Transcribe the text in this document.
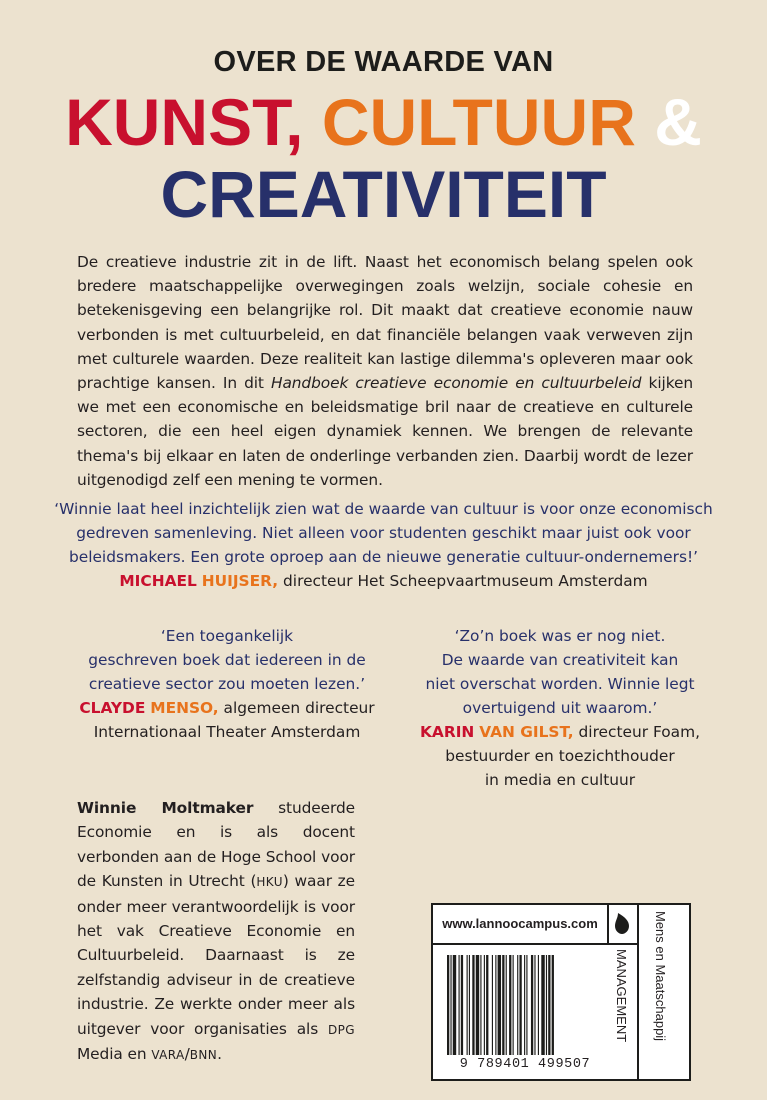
OVER DE WAARDE VAN
KUNST, CULTUUR &
CREATIVITEIT
De creatieve industrie zit in de lift. Naast het economisch belang spelen ook bredere maatschappelijke overwegingen zoals welzijn, sociale cohesie en betekenisgeving een belangrijke rol. Dit maakt dat creatieve economie nauw verbonden is met cultuurbeleid, en dat financiële belangen vaak verweven zijn met culturele waarden. Deze realiteit kan lastige dilemma's opleveren maar ook prachtige kansen. In dit Handboek creatieve economie en cultuurbeleid kijken we met een economische en beleidsmatige bril naar de creatieve en culturele sectoren, die een heel eigen dynamiek kennen. We brengen de relevante thema's bij elkaar en laten de onderlinge verbanden zien. Daarbij wordt de lezer uitgenodigd zelf een mening te vormen.
‘Winnie laat heel inzichtelijk zien wat de waarde van cultuur is voor onze economisch
gedreven samenleving. Niet alleen voor studenten geschikt maar juist ook voor
beleidsmakers. Een grote oproep aan de nieuwe generatie cultuur-ondernemers!’
MICHAEL HUIJSER, directeur Het Scheepvaartmuseum Amsterdam
‘Een toegankelijk
geschreven boek dat iedereen in de
creatieve sector zou moeten lezen.’
CLAYDE MENSO, algemeen directeur
Internationaal Theater Amsterdam
‘Zo’n boek was er nog niet.
De waarde van creativiteit kan
niet overschat worden. Winnie legt
overtuigend uit waarom.’
KARIN VAN GILST, directeur Foam,
bestuurder en toezichthouder
in media en cultuur
Winnie Moltmaker studeerde Economie en is als docent verbonden aan de Hoge School voor de Kunsten in Utrecht (HKU) waar ze onder meer verantwoordelijk is voor het vak Creatieve Economie en Cultuurbeleid. Daarnaast is ze zelfstandig adviseur in de creatieve industrie. Ze werkte onder meer als uitgever voor organisaties als DPG Media en VARA/BNN.
www.lannoocampus.com
MANAGEMENT Mens en Maatschappij
9 789401 499507
